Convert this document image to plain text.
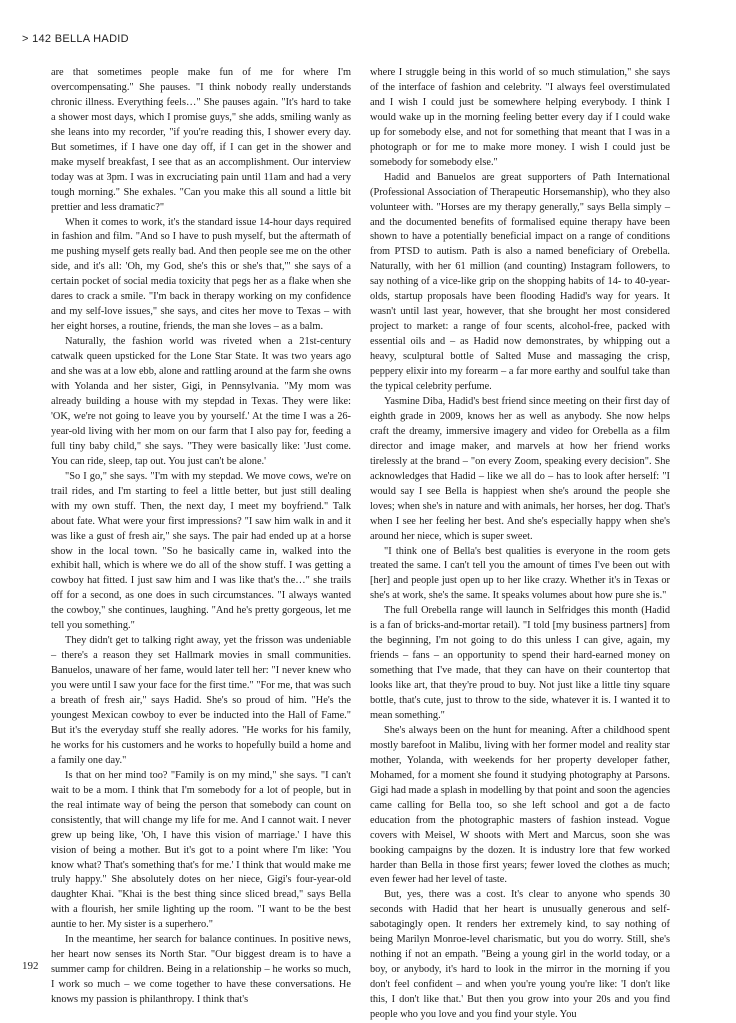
> 142 BELLA HADID

are that sometimes people make fun of me for where I'm overcompensating." She pauses. "I think nobody really understands chronic illness. Everything feels…" She pauses again. "It's hard to take a shower most days, which I promise guys," she adds, smiling wanly as she leans into my recorder, "if you're reading this, I shower every day. But sometimes, if I have one day off, if I can get in the shower and make myself breakfast, I see that as an accomplishment. Our interview today was at 3pm. I was in excruciating pain until 11am and had a very tough morning." She exhales. "Can you make this all sound a little bit prettier and less dramatic?"

When it comes to work, it's the standard issue 14-hour days required in fashion and film. "And so I have to push myself, but the aftermath of me pushing myself gets really bad. And then people see me on the other side, and it's all: 'Oh, my God, she's this or she's that,'" she says of a certain pocket of social media toxicity that pegs her as a flake when she dares to crack a smile. "I'm back in therapy working on my confidence and my self-love issues," she says, and cites her move to Texas – with her eight horses, a routine, friends, the man she loves – as a balm.

Naturally, the fashion world was riveted when a 21st-century catwalk queen upsticked for the Lone Star State. It was two years ago and she was at a low ebb, alone and rattling around at the farm she owns with Yolanda and her sister, Gigi, in Pennsylvania. "My mom was already building a house with my stepdad in Texas. They were like: 'OK, we're not going to leave you by yourself.' At the time I was a 26-year-old living with her mom on our farm that I also pay for, feeding a full tiny baby child," she says. "They were basically like: 'Just come. You can ride, sleep, tap out. You just can't be alone.'

"So I go," she says. "I'm with my stepdad. We move cows, we're on trail rides, and I'm starting to feel a little better, but just still dealing with my own stuff. Then, the next day, I meet my boyfriend." Talk about fate. What were your first impressions? "I saw him walk in and it was like a gust of fresh air," she says. The pair had ended up at a horse show in the local town. "So he basically came in, walked into the exhibit hall, which is where we do all of the show stuff. I was getting a cowboy hat fitted. I just saw him and I was like that's the…" she trails off for a second, as one does in such circumstances. "I always wanted the cowboy," she continues, laughing. "And he's pretty gorgeous, let me tell you something."

They didn't get to talking right away, yet the frisson was undeniable – there's a reason they set Hallmark movies in small communities. Banuelos, unaware of her fame, would later tell her: "I never knew who you were until I saw your face for the first time." "For me, that was such a breath of fresh air," says Hadid. She's so proud of him. "He's the youngest Mexican cowboy to ever be inducted into the Hall of Fame." But it's the everyday stuff she really adores. "He works for his family, he works for his customers and he works to hopefully build a home and a family one day."

Is that on her mind too? "Family is on my mind," she says. "I can't wait to be a mom. I think that I'm somebody for a lot of people, but in the real intimate way of being the person that somebody can count on consistently, that will change my life for me. And I cannot wait. I never grew up being like, 'Oh, I have this vision of marriage.' I have this vision of being a mother. But it's got to a point where I'm like: 'You know what? That's something that's for me.' I think that would make me truly happy." She absolutely dotes on her niece, Gigi's four-year-old daughter Khai. "Khai is the best thing since sliced bread," says Bella with a flourish, her smile lighting up the room. "I want to be the best auntie to her. My sister is a superhero."

In the meantime, her search for balance continues. In positive news, her heart now senses its North Star. "Our biggest dream is to have a summer camp for children. Being in a relationship – he works so much, I work so much – we come together to have these conversations. He knows my passion is philanthropy. I think that's

where I struggle being in this world of so much stimulation," she says of the interface of fashion and celebrity. "I always feel overstimulated and I wish I could just be somewhere helping everybody. I think I would wake up in the morning feeling better every day if I could wake up for somebody else, and not for something that meant that I was in a photograph or for me to make more money. I wish I could just be somebody for somebody else."

Hadid and Banuelos are great supporters of Path International (Professional Association of Therapeutic Horsemanship), who they also volunteer with. "Horses are my therapy generally," says Bella simply – and the documented benefits of formalised equine therapy have been shown to have a potentially beneficial impact on a range of conditions from PTSD to autism. Path is also a named beneficiary of Orebella. Naturally, with her 61 million (and counting) Instagram followers, to say nothing of a vice-like grip on the shopping habits of 14- to 40-year-olds, startup proposals have been flooding Hadid's way for years. It wasn't until last year, however, that she brought her most considered project to market: a range of four scents, alcohol-free, packed with essential oils and – as Hadid now demonstrates, by whipping out a heavy, sculptural bottle of Salted Muse and massaging the crisp, peppery elixir into my forearm – a far more earthy and soulful take than the typical celebrity perfume.

Yasmine Diba, Hadid's best friend since meeting on their first day of eighth grade in 2009, knows her as well as anybody. She now helps craft the dreamy, immersive imagery and video for Orebella as a film director and image maker, and marvels at how her friend works tirelessly at the brand – "on every Zoom, speaking every decision". She acknowledges that Hadid – like we all do – has to look after herself: "I would say I see Bella is happiest when she's around the people she loves; when she's in nature and with animals, her horses, her dog. That's when I see her feeling her best. And she's especially happy when she's around her niece, which is super sweet.

"I think one of Bella's best qualities is everyone in the room gets treated the same. I can't tell you the amount of times I've been out with [her] and people just open up to her like crazy. Whether it's in Texas or she's at work, she's the same. It speaks volumes about how pure she is."

The full Orebella range will launch in Selfridges this month (Hadid is a fan of bricks-and-mortar retail). "I told [my business partners] from the beginning, I'm not going to do this unless I can give, again, my friends – fans – an opportunity to spend their hard-earned money on something that I've made, that they can have on their countertop that looks like art, that they're proud to buy. Not just like a little tiny square bottle, that's cute, just to throw to the side, whatever it is. I wanted it to mean something."

She's always been on the hunt for meaning. After a childhood spent mostly barefoot in Malibu, living with her former model and reality star mother, Yolanda, with weekends for her property developer father, Mohamed, for a moment she found it studying photography at Parsons. Gigi had made a splash in modelling by that point and soon the agencies came calling for Bella too, so she left school and got a de facto education from the photographic masters of fashion instead. Vogue covers with Meisel, W shoots with Mert and Marcus, soon she was booking campaigns by the dozen. It is industry lore that few worked harder than Bella in those first years; fewer loved the clothes as much; even fewer had her level of taste.

But, yes, there was a cost. It's clear to anyone who spends 30 seconds with Hadid that her heart is unusually generous and self-sabotagingly open. It renders her extremely kind, to say nothing of being Marilyn Monroe-level charismatic, but you do worry. Still, she's nothing if not an empath. "Being a young girl in the world today, or a boy, or anybody, it's hard to look in the mirror in the morning if you don't feel confident – and when you're young you're like: 'I don't like this, I don't like that.' But then you grow into your 20s and you find people who you love and you find your style. You

192
